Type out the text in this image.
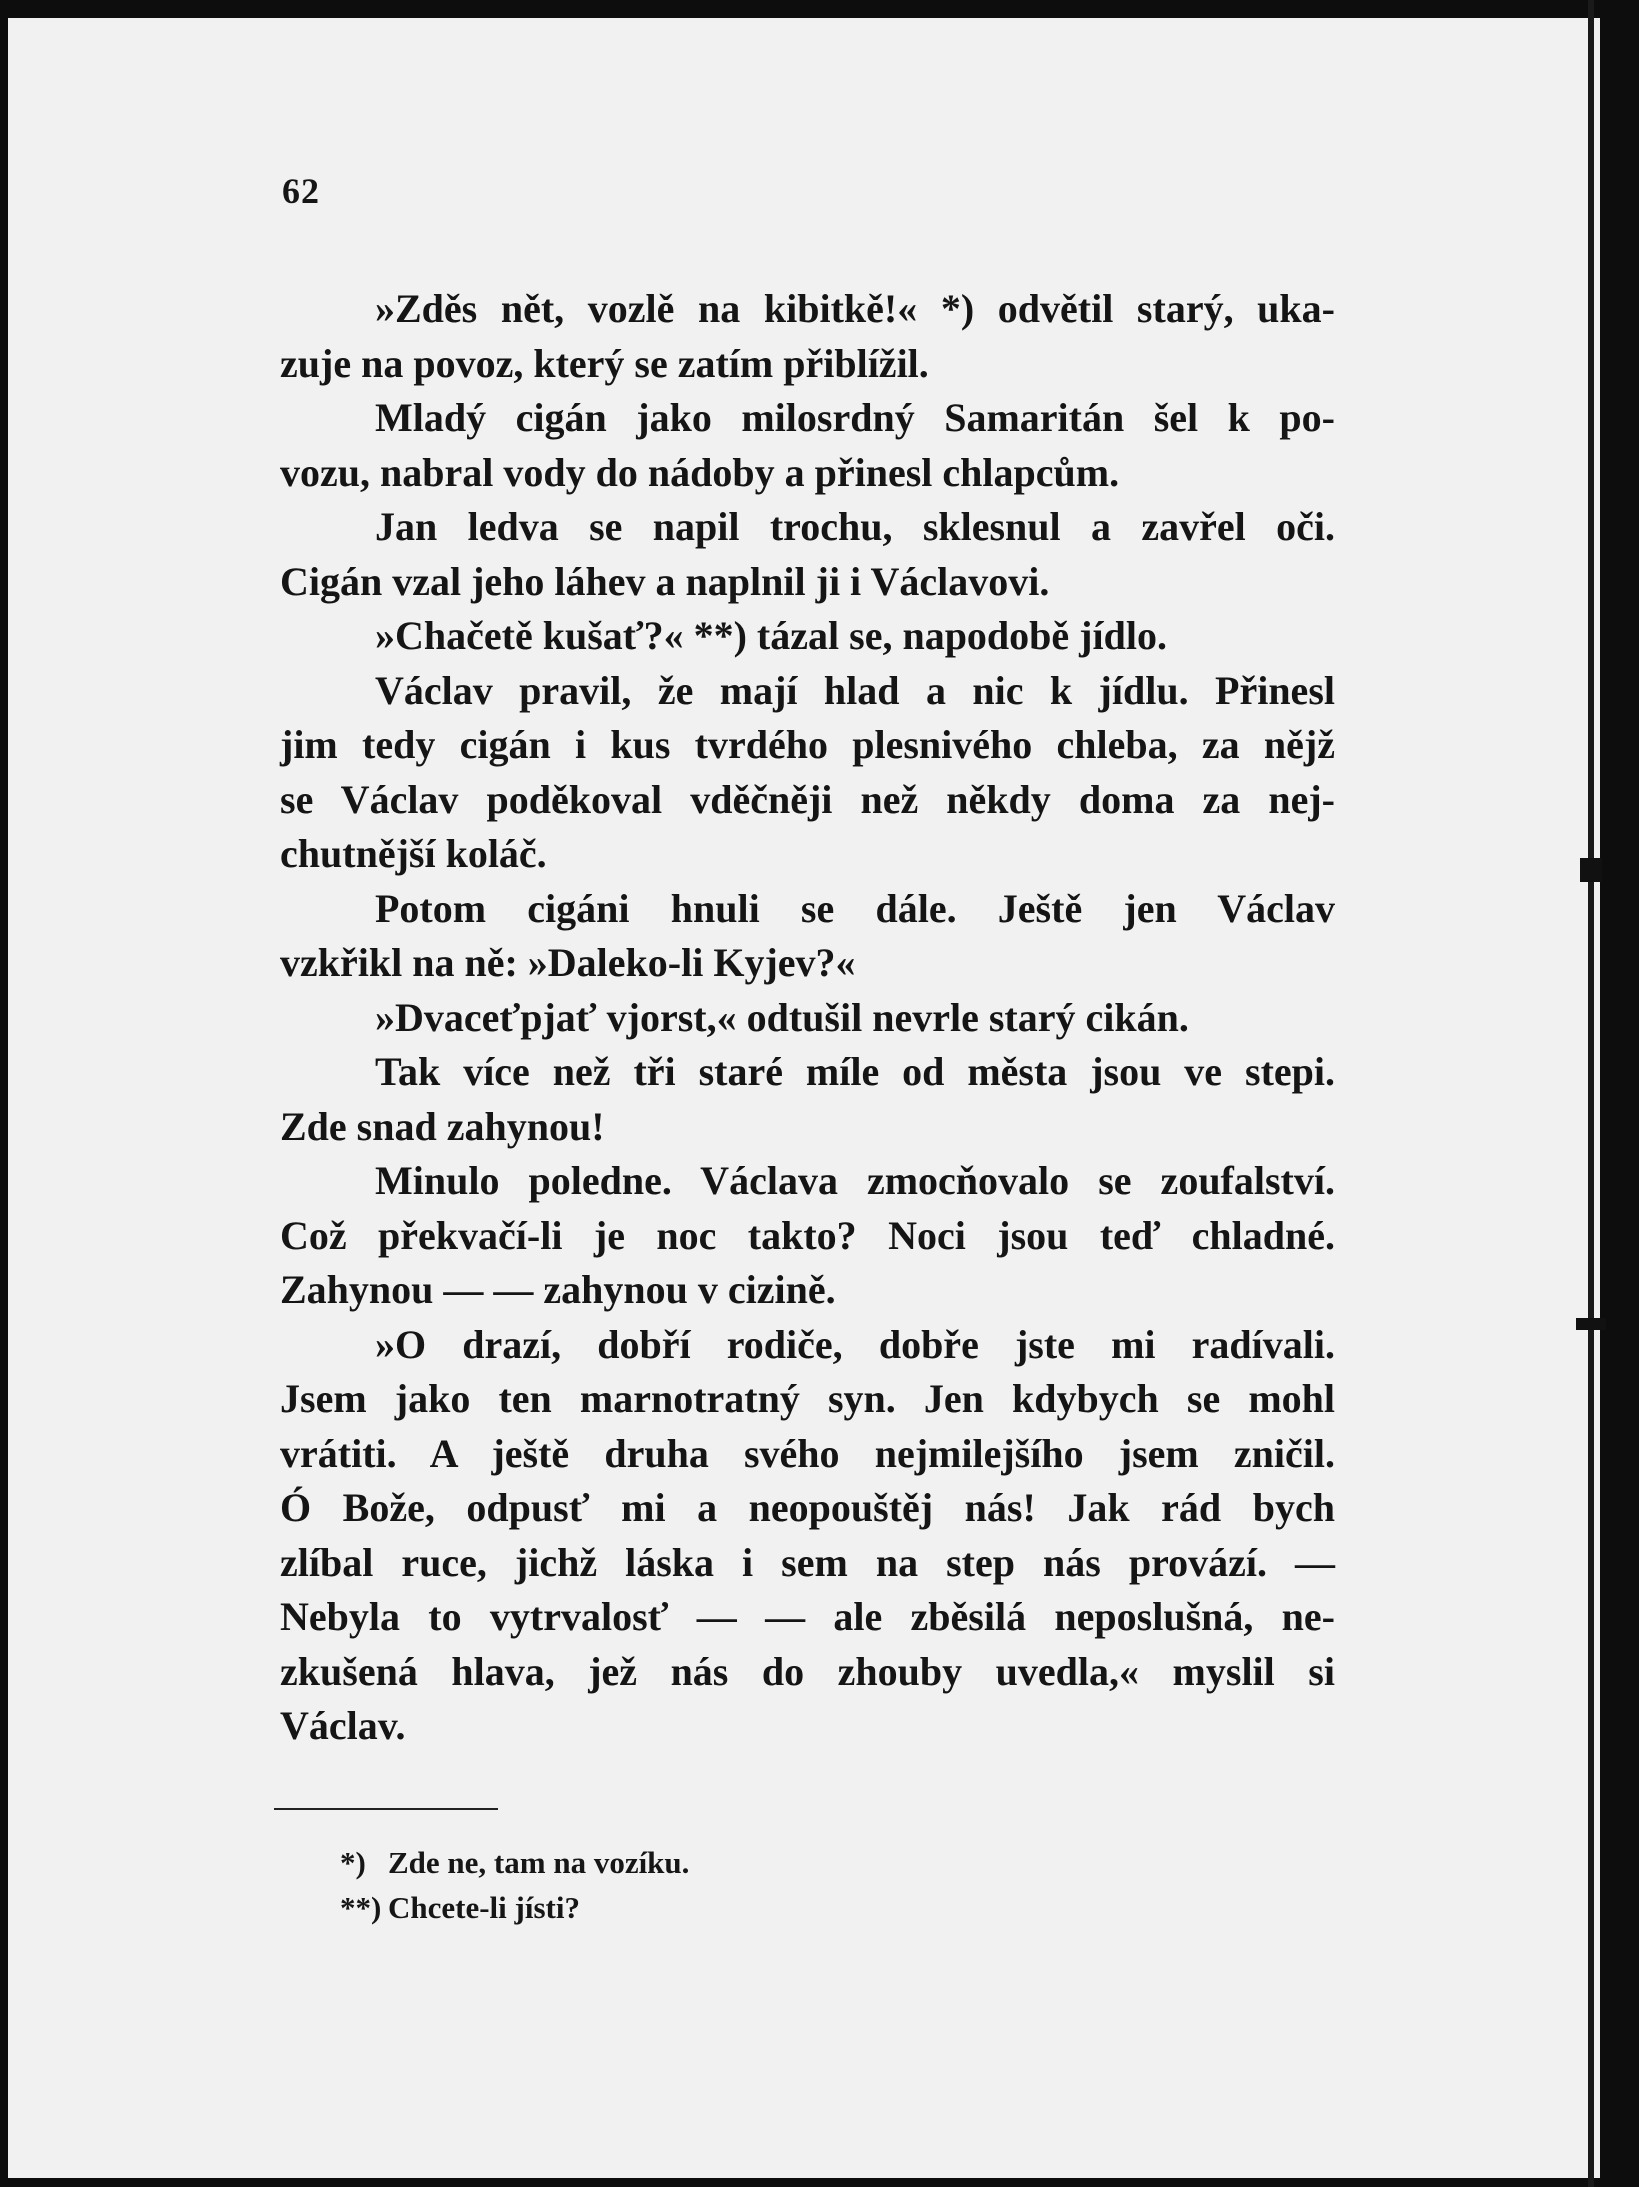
62
»Zděs nět, vozlě na kibitkě!« *) odvětil starý, uka-
zuje na povoz, který se zatím přiblížil.
Mladý cigán jako milosrdný Samaritán šel k po-
vozu, nabral vody do nádoby a přinesl chlapcům.
Jan ledva se napil trochu, sklesnul a zavřel oči.
Cigán vzal jeho láhev a naplnil ji i Václavovi.
»Chačetě kušať?« **) tázal se, napodobě jídlo.
Václav pravil, že mají hlad a nic k jídlu. Přinesl
jim tedy cigán i kus tvrdého plesnivého chleba, za nějž
se Václav poděkoval vděčněji než někdy doma za nej-
chutnější koláč.
Potom cigáni hnuli se dále. Ještě jen Václav
vzkřikl na ně: »Daleko-li Kyjev?«
»Dvaceťpjať vjorst,« odtušil nevrle starý cikán.
Tak více než tři staré míle od města jsou ve stepi.
Zde snad zahynou!
Minulo poledne. Václava zmocňovalo se zoufalství.
Což překvačí-li je noc takto? Noci jsou teď chladné.
Zahynou — — zahynou v cizině.
»O drazí, dobří rodiče, dobře jste mi radívali.
Jsem jako ten marnotratný syn. Jen kdybych se mohl
vrátiti. A ještě druha svého nejmilejšího jsem zničil.
Ó Bože, odpusť mi a neopouštěj nás! Jak rád bych
zlíbal ruce, jichž láska i sem na step nás provází. —
Nebyla to vytrvalosť — — ale zběsilá neposlušná, ne-
zkušená hlava, jež nás do zhouby uvedla,« myslil si
Václav.
*) Zde ne, tam na vozíku.
**) Chcete-li jísti?
